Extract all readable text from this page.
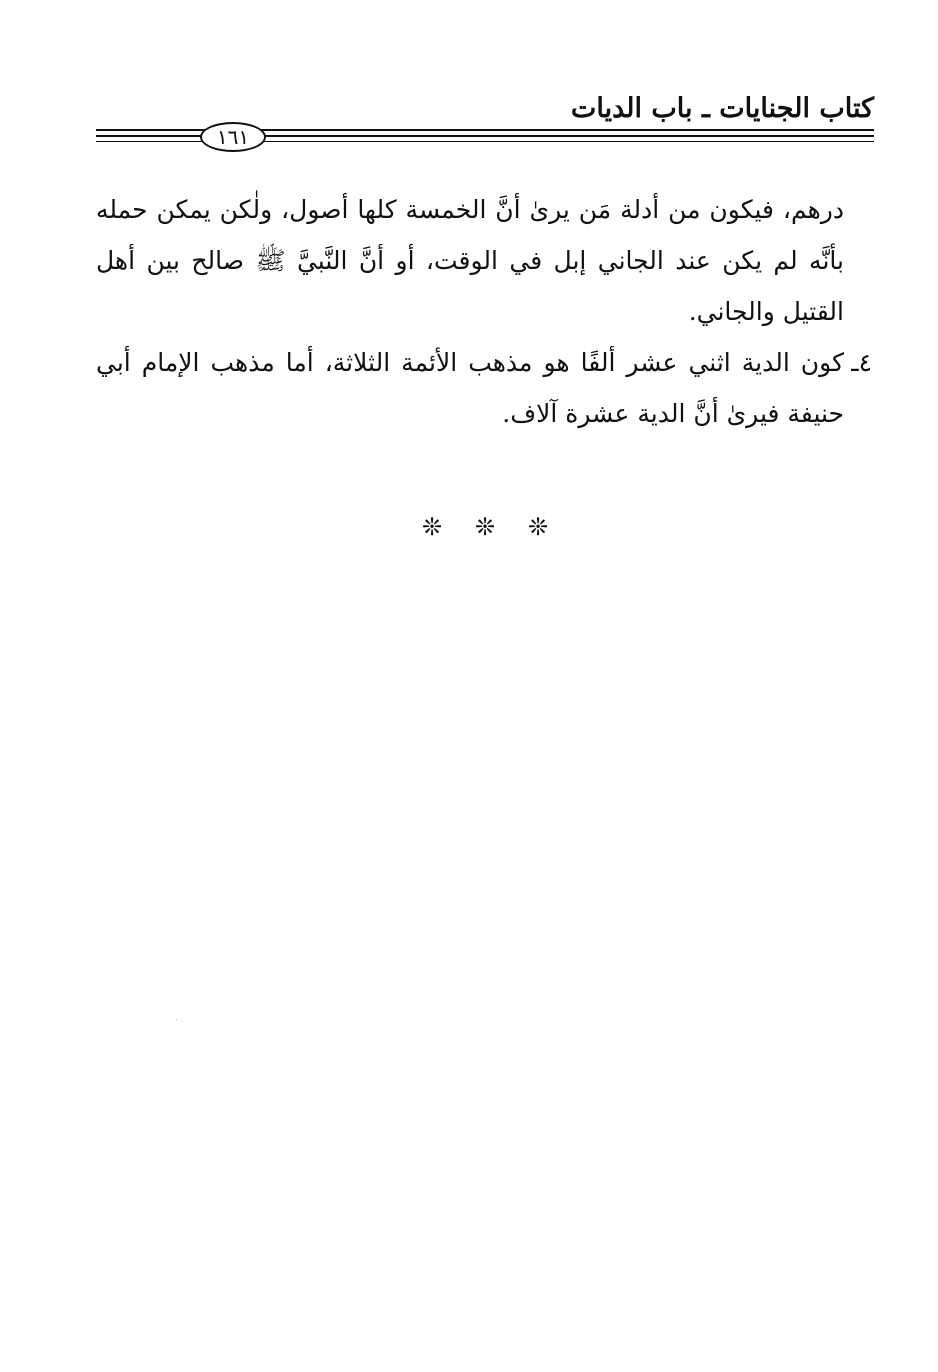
كتاب الجنايات ـ باب الديات
١٦١

درهم، فيكون من أدلة مَن يرىٰ أنَّ الخمسة كلها أصول، ولٰكن يمكن حمله بأنَّه لم يكن عند الجاني إبل في الوقت، أو أنَّ النَّبيَّ ﷺ صالح بين أهل القتيل والجاني.

٤ـ
كون الدية اثني عشر ألفًا هو مذهب الأئمة الثلاثة، أما مذهب الإمام أبي حنيفة فيرىٰ أنَّ الدية عشرة آلاف.

❊ ❊ ❊
